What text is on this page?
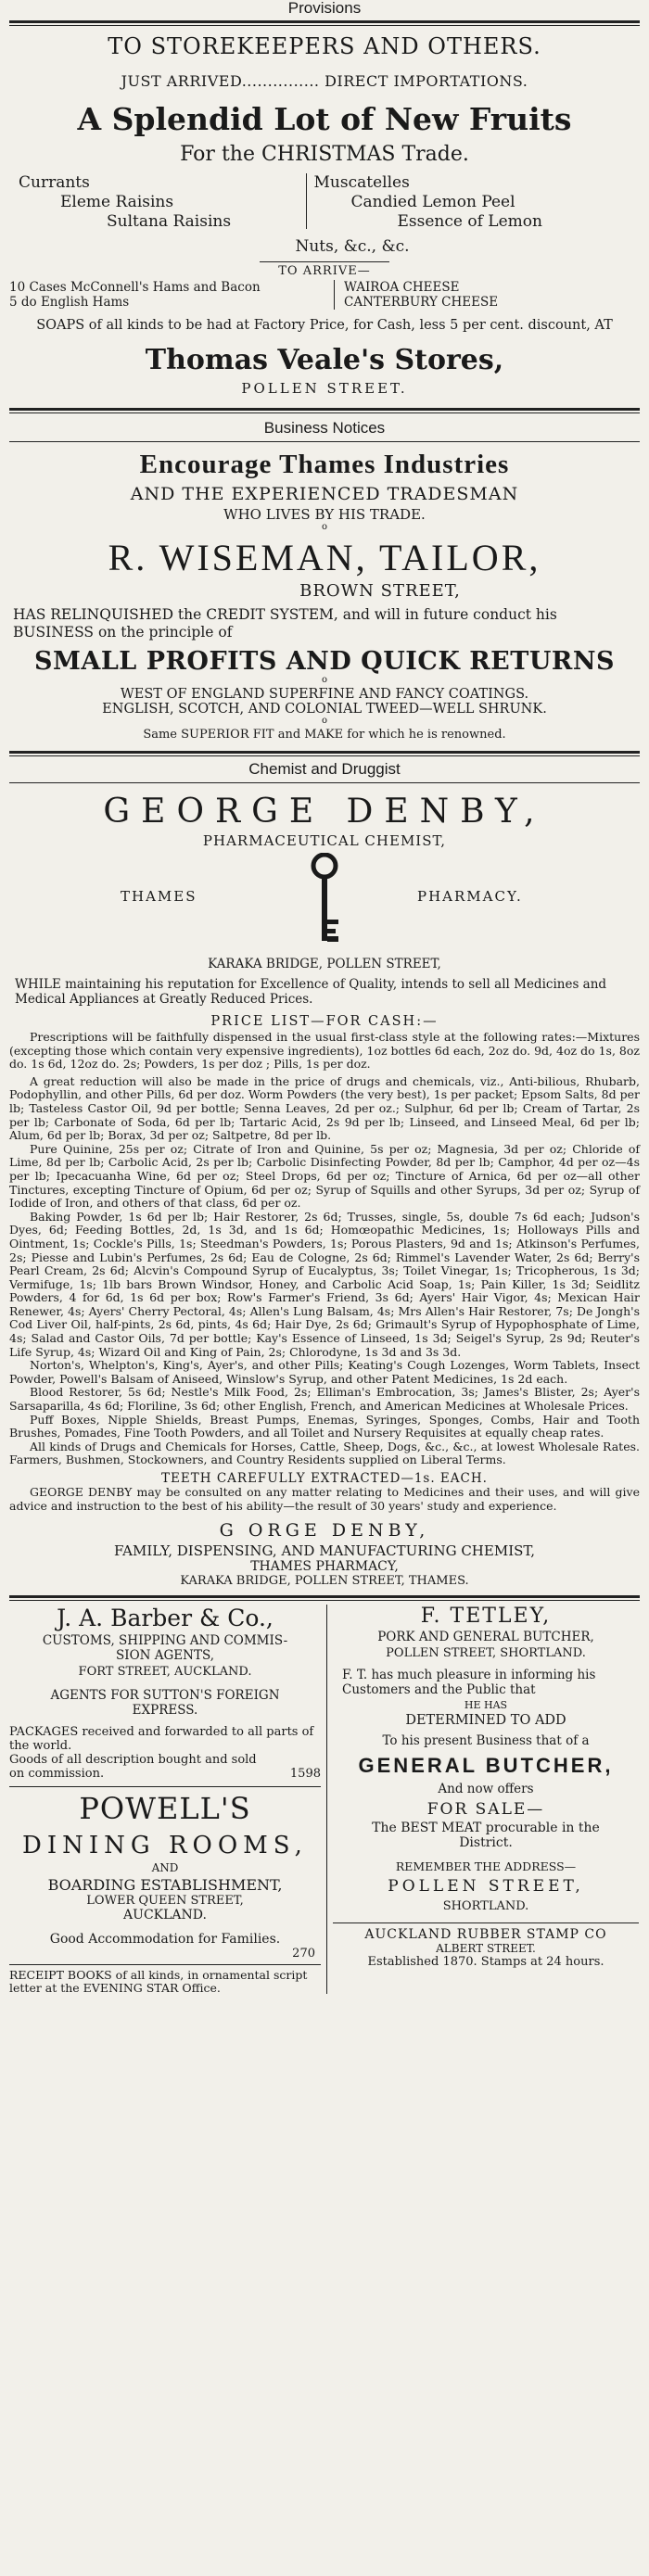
Provisions

TO STOREKEEPERS AND OTHERS.
JUST ARRIVED............... DIRECT IMPORTATIONS.
A Splendid Lot of New Fruits
For the CHRISTMAS Trade.
Currants
Eleme Raisins
Sultana Raisins
Muscatelles
Candied Lemon Peel
Essence of Lemon
Nuts, &c., &c.
TO ARRIVE—
10 Cases McConnell's Hams and Bacon
5 do English Hams
WAIROA CHEESE
CANTERBURY CHEESE
SOAPS of all kinds to be had at Factory Price, for Cash, less 5 per cent. discount, AT
Thomas Veale's Stores,
POLLEN STREET.

Business Notices

Encourage Thames Industries
AND THE EXPERIENCED TRADESMAN
WHO LIVES BY HIS TRADE.
o
R. WISEMAN, TAILOR,
BROWN STREET,
HAS RELINQUISHED the CREDIT SYSTEM, and will in future conduct his BUSINESS on the principle of
SMALL PROFITS AND QUICK RETURNS
o
WEST OF ENGLAND SUPERFINE AND FANCY COATINGS.
ENGLISH, SCOTCH, AND COLONIAL TWEED—WELL SHRUNK.
o
Same SUPERIOR FIT and MAKE for which he is renowned.

Chemist and Druggist

GEORGE DENBY,
PHARMACEUTICAL CHEMIST,
THAMES	PHARMACY.
KARAKA BRIDGE, POLLEN STREET,
WHILE maintaining his reputation for Excellence of Quality, intends to sell all Medicines and Medical Appliances at Greatly Reduced Prices.
PRICE LIST—FOR CASH:—

Prescriptions will be faithfully dispensed in the usual first-class style at the following rates:—Mixtures (excepting those which contain very expensive ingredients), 1oz bottles 6d each, 2oz do. 9d, 4oz do 1s, 8oz do. 1s 6d, 12oz do. 2s; Powders, 1s per doz ; Pills, 1s per doz.

A great reduction will also be made in the price of drugs and chemicals, viz., Anti-bilious, Rhubarb, Podophyllin, and other Pills, 6d per doz. Worm Powders (the very best), 1s per packet; Epsom Salts, 8d per lb; Tasteless Castor Oil, 9d per bottle; Senna Leaves, 2d per oz.; Sulphur, 6d per lb; Cream of Tartar, 2s per lb; Carbonate of Soda, 6d per lb; Tartaric Acid, 2s 9d per lb; Linseed, and Linseed Meal, 6d per lb; Alum, 6d per lb; Borax, 3d per oz; Saltpetre, 8d per lb.

Pure Quinine, 25s per oz; Citrate of Iron and Quinine, 5s per oz; Magnesia, 3d per oz; Chloride of Lime, 8d per lb; Carbolic Acid, 2s per lb; Carbolic Disinfecting Powder, 8d per lb; Camphor, 4d per oz—4s per lb; Ipecacuanha Wine, 6d per oz; Steel Drops, 6d per oz; Tincture of Arnica, 6d per oz—all other Tinctures, excepting Tincture of Opium, 6d per oz; Syrup of Squills and other Syrups, 3d per oz; Syrup of Iodide of Iron, and others of that class, 6d per oz.

Baking Powder, 1s 6d per lb; Hair Restorer, 2s 6d; Trusses, single, 5s, double 7s 6d each; Judson's Dyes, 6d; Feeding Bottles, 2d, 1s 3d, and 1s 6d; Homœopathic Medicines, 1s; Holloways Pills and Ointment, 1s; Cockle's Pills, 1s; Steedman's Powders, 1s; Porous Plasters, 9d and 1s; Atkinson's Perfumes, 2s; Piesse and Lubin's Perfumes, 2s 6d; Eau de Cologne, 2s 6d; Rimmel's Lavender Water, 2s 6d; Berry's Pearl Cream, 2s 6d; Alcvin's Compound Syrup of Eucalyptus, 3s; Toilet Vinegar, 1s; Tricopherous, 1s 3d; Vermifuge, 1s; 1lb bars Brown Windsor, Honey, and Carbolic Acid Soap, 1s; Pain Killer, 1s 3d; Seidlitz Powders, 4 for 6d, 1s 6d per box; Row's Farmer's Friend, 3s 6d; Ayers' Hair Vigor, 4s; Mexican Hair Renewer, 4s; Ayers' Cherry Pectoral, 4s; Allen's Lung Balsam, 4s; Mrs Allen's Hair Restorer, 7s; De Jongh's Cod Liver Oil, half-pints, 2s 6d, pints, 4s 6d; Hair Dye, 2s 6d; Grimault's Syrup of Hypophosphate of Lime, 4s; Salad and Castor Oils, 7d per bottle; Kay's Essence of Linseed, 1s 3d; Seigel's Syrup, 2s 9d; Reuter's Life Syrup, 4s; Wizard Oil and King of Pain, 2s; Chlorodyne, 1s 3d and 3s 3d.

Norton's, Whelpton's, King's, Ayer's, and other Pills; Keating's Cough Lozenges, Worm Tablets, Insect Powder, Powell's Balsam of Aniseed, Winslow's Syrup, and other Patent Medicines, 1s 2d each.

Blood Restorer, 5s 6d; Nestle's Milk Food, 2s; Elliman's Embrocation, 3s; James's Blister, 2s; Ayer's Sarsaparilla, 4s 6d; Floriline, 3s 6d; other English, French, and American Medicines at Wholesale Prices.

Puff Boxes, Nipple Shields, Breast Pumps, Enemas, Syringes, Sponges, Combs, Hair and Tooth Brushes, Pomades, Fine Tooth Powders, and all Toilet and Nursery Requisites at equally cheap rates.

All kinds of Drugs and Chemicals for Horses, Cattle, Sheep, Dogs, &c., &c., at lowest Wholesale Rates. Farmers, Bushmen, Stockowners, and Country Residents supplied on Liberal Terms.

TEETH CAREFULLY EXTRACTED—1s. EACH.

GEORGE DENBY may be consulted on any matter relating to Medicines and their uses, and will give advice and instruction to the best of his ability—the result of 30 years' study and experience.

G ORGE DENBY,
FAMILY, DISPENSING, AND MANUFACTURING CHEMIST,
THAMES PHARMACY,
KARAKA BRIDGE, POLLEN STREET, THAMES.
J. A. Barber & Co.,
CUSTOMS, SHIPPING AND COMMIS- SION AGENTS,
FORT STREET, AUCKLAND.
AGENTS FOR SUTTON'S FOREIGN EXPRESS.
PACKAGES received and forwarded to all parts of the world.
Goods of all description bought and sold on commission.	1598
POWELL'S
DINING ROOMS,
AND
BOARDING ESTABLISHMENT,
LOWER QUEEN STREET,
AUCKLAND.
Good Accommodation for Families.
270
RECEIPT BOOKS of all kinds, in ornamental script letter at the EVENING STAR Office.
F. TETLEY,
PORK AND GENERAL BUTCHER,
POLLEN STREET, SHORTLAND.
F. T. has much pleasure in informing his Customers and the Public that
HE HAS
DETERMINED TO ADD
To his present Business that of a
GENERAL BUTCHER,
And now offers
FOR SALE—
The BEST MEAT procurable in the District.
REMEMBER THE ADDRESS—
POLLEN STREET,
SHORTLAND.
AUCKLAND RUBBER STAMP CO
ALBERT STREET.
Established 1870. Stamps at 24 hours.
